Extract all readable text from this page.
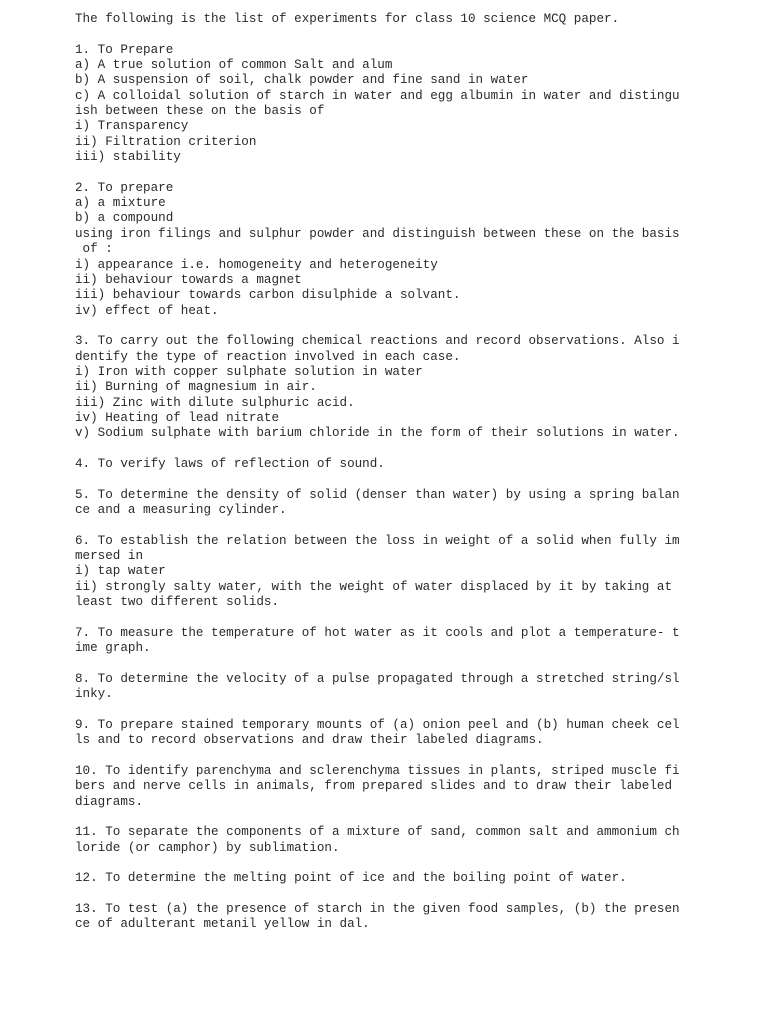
The following is the list of experiments for class 10 science MCQ paper.
1. To Prepare
a) A true solution of common Salt and alum
b) A suspension of soil, chalk powder and fine sand in water
c) A colloidal solution of starch in water and egg albumin in water and distingu
ish between these on the basis of
i) Transparency
ii) Filtration criterion
iii) stability
2. To prepare
a) a mixture
b) a compound
using iron filings and sulphur powder and distinguish between these on the basis
of :
i) appearance i.e. homogeneity and heterogeneity
ii) behaviour towards a magnet
iii) behaviour towards carbon disulphide a solvant.
iv) effect of heat.
3. To carry out the following chemical reactions and record observations. Also i
dentify the type of reaction involved in each case.
i) Iron with copper sulphate solution in water
ii) Burning of magnesium in air.
iii) Zinc with dilute sulphuric acid.
iv) Heating of lead nitrate
v) Sodium sulphate with barium chloride in the form of their solutions in water.
4. To verify laws of reflection of sound.
5. To determine the density of solid (denser than water) by using a spring balan
ce and a measuring cylinder.
6. To establish the relation between the loss in weight of a solid when fully im
mersed in
i) tap water
ii) strongly salty water, with the weight of water displaced by it by taking at
least two different solids.
7. To measure the temperature of hot water as it cools and plot a temperature- t
ime graph.
8. To determine the velocity of a pulse propagated through a stretched string/sl
inky.
9. To prepare stained temporary mounts of (a) onion peel and (b) human cheek cel
ls and to record observations and draw their labeled diagrams.
10. To identify parenchyma and sclerenchyma tissues in plants, striped muscle fi
bers and nerve cells in animals, from prepared slides and to draw their labeled
diagrams.
11. To separate the components of a mixture of sand, common salt and ammonium ch
loride (or camphor) by sublimation.
12. To determine the melting point of ice and the boiling point of water.
13. To test (a) the presence of starch in the given food samples, (b) the presen
ce of adulterant metanil yellow in dal.
